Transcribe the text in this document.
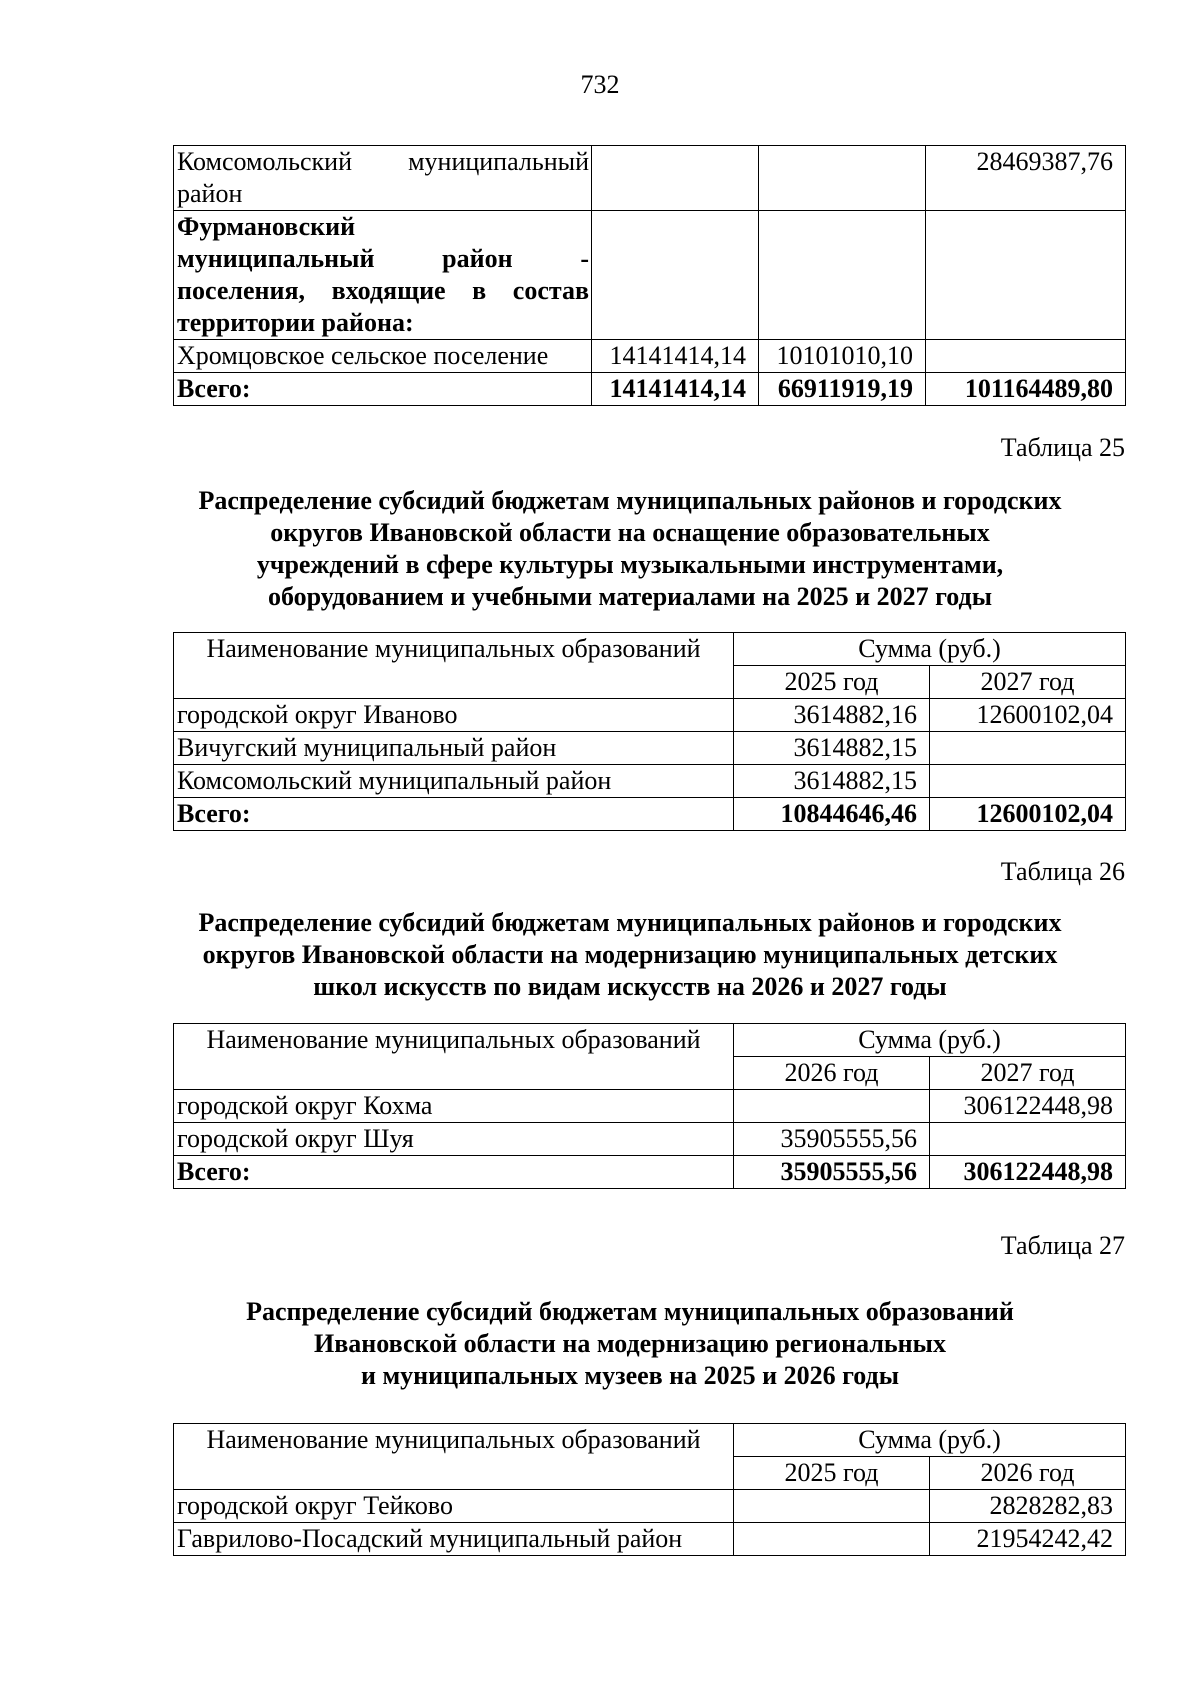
732
Комсомольский муниципальный
район			28469387,76

Фурмановский
муниципальный район -
поселения, входящие в состав
территории района:			

Хромцовское сельское поселение	14141414,14	10101010,10	
Всего:	14141414,14	66911919,19	101164489,80
Таблица 25
Распределение субсидий бюджетам муниципальных районов и городских
округов Ивановской области на оснащение образовательных
учреждений в сфере культуры музыкальными инструментами,
оборудованием и учебными материалами на 2025 и 2027 годы
Наименование муниципальных образований	Сумма (руб.)	
	2025 год	2027 год
городской округ Иваново	3614882,16	12600102,04
Вичугский муниципальный район	3614882,15	
Комсомольский муниципальный район	3614882,15	
Всего:	10844646,46	12600102,04
Таблица 26
Распределение субсидий бюджетам муниципальных районов и городских
округов Ивановской области на модернизацию муниципальных детских
школ искусств по видам искусств на 2026 и 2027 годы
Наименование муниципальных образований	Сумма (руб.)	
	2026 год	2027 год
городской округ Кохма		306122448,98
городской округ Шуя	35905555,56	
Всего:	35905555,56	306122448,98
Таблица 27
Распределение субсидий бюджетам муниципальных образований
Ивановской области на модернизацию региональных
и муниципальных музеев на 2025 и 2026 годы
Наименование муниципальных образований	Сумма (руб.)	
	2025 год	2026 год
городской округ Тейково		2828282,83
Гаврилово-Посадский муниципальный район		21954242,42
